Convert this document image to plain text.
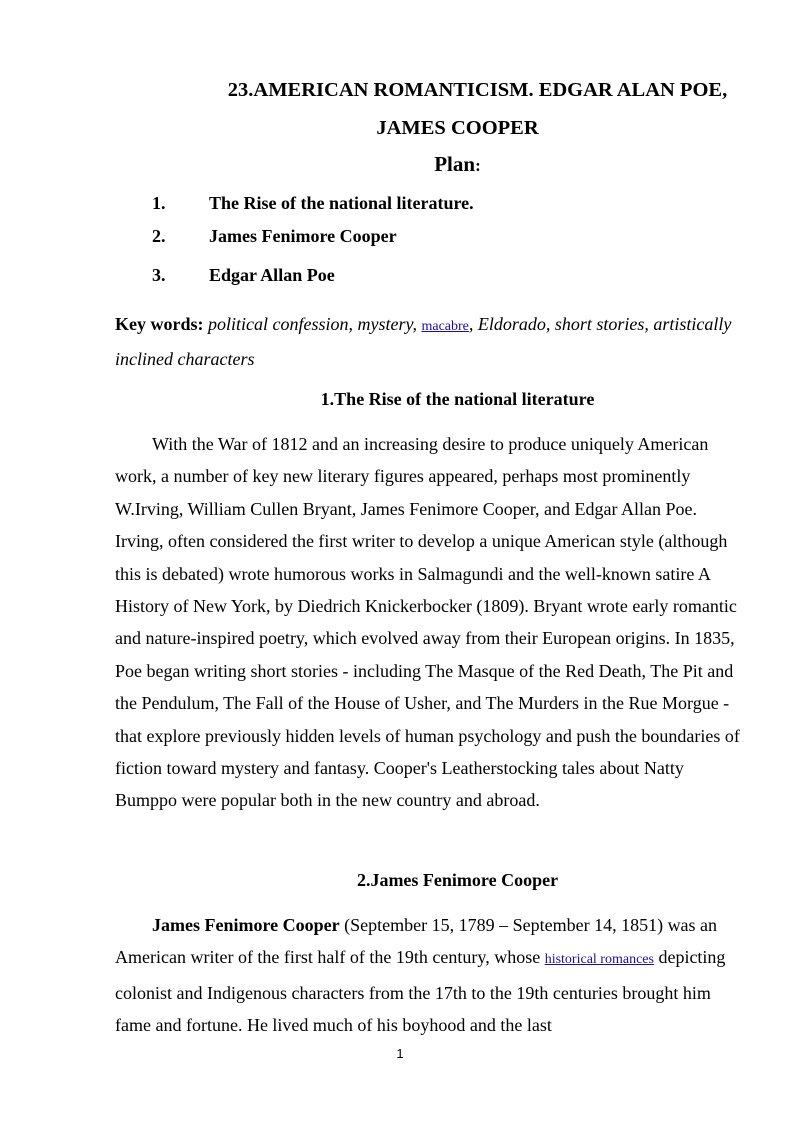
23.AMERICAN ROMANTICISM. EDGAR ALAN POE,
JAMES COOPER
Plan:
1. The Rise of the national literature.
2. James Fenimore Cooper
3. Edgar Allan Poe

Key words: political confession, mystery, macabre, Eldorado, short stories, artistically inclined characters

1.The Rise of the national literature

With the War of 1812 and an increasing desire to produce uniquely American work, a number of key new literary figures appeared, perhaps most prominently W.Irving, William Cullen Bryant, James Fenimore Cooper, and Edgar Allan Poe. Irving, often considered the first writer to develop a unique American style (although this is debated) wrote humorous works in Salmagundi and the well-known satire A History of New York, by Diedrich Knickerbocker (1809). Bryant wrote early romantic and nature-inspired poetry, which evolved away from their European origins. In 1835, Poe began writing short stories - including The Masque of the Red Death, The Pit and the Pendulum, The Fall of the House of Usher, and The Murders in the Rue Morgue - that explore previously hidden levels of human psychology and push the boundaries of fiction toward mystery and fantasy. Cooper's Leatherstocking tales about Natty Bumppo were popular both in the new country and abroad.

2.James Fenimore Cooper

James Fenimore Cooper (September 15, 1789 – September 14, 1851) was an American writer of the first half of the 19th century, whose historical romances depicting colonist and Indigenous characters from the 17th to the 19th centuries brought him fame and fortune. He lived much of his boyhood and the last

1
